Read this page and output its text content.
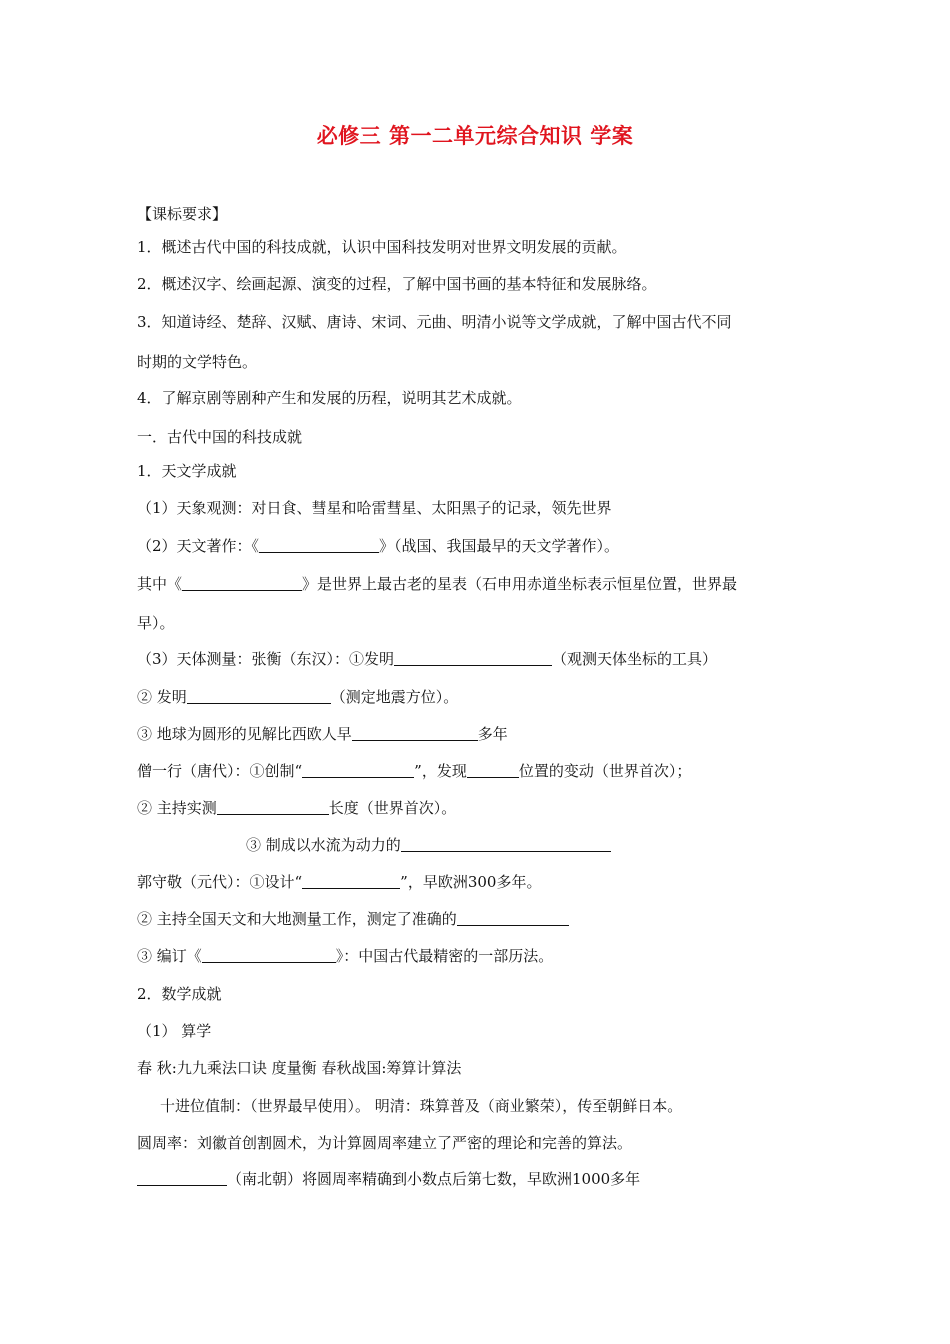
必修三 第一二单元综合知识 学案
【课标要求】
1．概述古代中国的科技成就，认识中国科技发明对世界文明发展的贡献。
2．概述汉字、绘画起源、演变的过程，了解中国书画的基本特征和发展脉络。
3．知道诗经、楚辞、汉赋、唐诗、宋词、元曲、明清小说等文学成就，了解中国古代不同
时期的文学特色。
4．了解京剧等剧种产生和发展的历程，说明其艺术成就。
一．古代中国的科技成就
1．天文学成就
（1）天象观测：对日食、彗星和哈雷彗星、太阳黑子的记录，领先世界
（2）天文著作：《	》（战国、我国最早的天文学著作）。
其中《	》是世界上最古老的星表（石申用赤道坐标表示恒星位置，世界最
早）。
（3）天体测量：张衡（东汉）：①发明	（观测天体坐标的工具）
② 发明	（测定地震方位）。
③ 地球为圆形的见解比西欧人早	多年
僧一行（唐代）：①创制“	”，发现	位置的变动（世界首次）；
② 主持实测	长度（世界首次）。
③ 制成以水流为动力的
郭守敬（元代）：①设计“	”，早欧洲300多年。
② 主持全国天文和大地测量工作，测定了准确的
③ 编订《	》：中国古代最精密的一部历法。
2．数学成就
（1） 算学
春 秋:九九乘法口诀 度量衡 春秋战国:筹算计算法
十进位值制：（世界最早使用）。 明清：珠算普及（商业繁荣），传至朝鲜日本。
圆周率：刘徽首创割圆术，为计算圆周率建立了严密的理论和完善的算法。
（南北朝）将圆周率精确到小数点后第七数，早欧洲1000多年
